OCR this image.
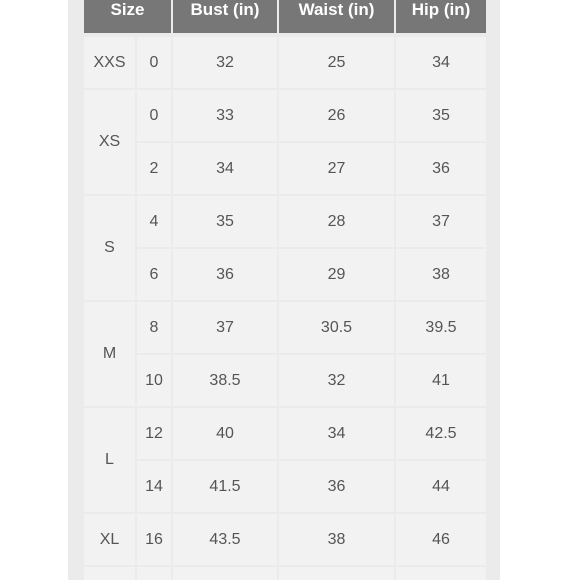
Size	Bust (in)	Waist (in)	Hip (in)
XXS	0	32	25	34
XS
0	33	26	35
2	34	27	36
S
4	35	28	37
6	36	29	38
M
8	37	30.5	39.5
10	38.5	32	41
L
12	40	34	42.5
14	41.5	36	44
XL	16	43.5	38	46
